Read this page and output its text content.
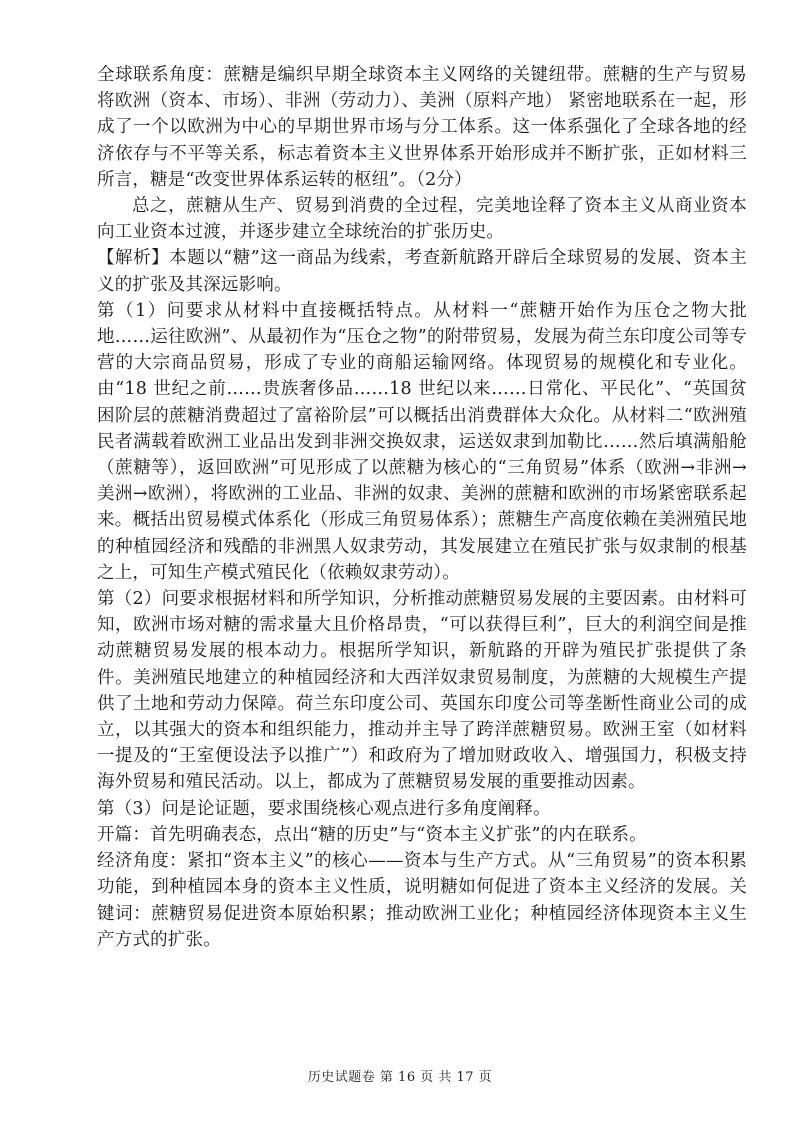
全球联系角度：蔗糖是编织早期全球资本主义网络的关键纽带。蔗糖的生产与贸易将欧洲（资本、市场）、非洲（劳动力）、美洲（原料产地） 紧密地联系在一起，形成了一个以欧洲为中心的早期世界市场与分工体系。这一体系强化了全球各地的经济依存与不平等关系，标志着资本主义世界体系开始形成并不断扩张，正如材料三所言，糖是“改变世界体系运转的枢纽”。（2分）

总之，蔗糖从生产、贸易到消费的全过程，完美地诠释了资本主义从商业资本向工业资本过渡，并逐步建立全球统治的扩张历史。

【解析】本题以“糖”这一商品为线索，考查新航路开辟后全球贸易的发展、资本主义的扩张及其深远影响。

第（1）问要求从材料中直接概括特点。从材料一“蔗糖开始作为压仓之物大批地……运往欧洲”、从最初作为“压仓之物”的附带贸易，发展为荷兰东印度公司等专营的大宗商品贸易，形成了专业的商船运输网络。体现贸易的规模化和专业化。由“18 世纪之前……贵族奢侈品……18 世纪以来……日常化、平民化”、“英国贫困阶层的蔗糖消费超过了富裕阶层”可以概括出消费群体大众化。从材料二“欧洲殖民者满载着欧洲工业品出发到非洲交换奴隶，运送奴隶到加勒比……然后填满船舱（蔗糖等），返回欧洲”可见形成了以蔗糖为核心的“三角贸易”体系（欧洲→非洲→美洲→欧洲），将欧洲的工业品、非洲的奴隶、美洲的蔗糖和欧洲的市场紧密联系起来。概括出贸易模式体系化（形成三角贸易体系）；蔗糖生产高度依赖在美洲殖民地的种植园经济和残酷的非洲黑人奴隶劳动，其发展建立在殖民扩张与奴隶制的根基之上，可知生产模式殖民化（依赖奴隶劳动）。

第（2）问要求根据材料和所学知识，分析推动蔗糖贸易发展的主要因素。由材料可知，欧洲市场对糖的需求量大且价格昂贵，“可以获得巨利”，巨大的利润空间是推动蔗糖贸易发展的根本动力。根据所学知识，新航路的开辟为殖民扩张提供了条件。美洲殖民地建立的种植园经济和大西洋奴隶贸易制度，为蔗糖的大规模生产提供了土地和劳动力保障。荷兰东印度公司、英国东印度公司等垄断性商业公司的成立，以其强大的资本和组织能力，推动并主导了跨洋蔗糖贸易。欧洲王室（如材料一提及的“王室便设法予以推广”）和政府为了增加财政收入、增强国力，积极支持海外贸易和殖民活动。以上，都成为了蔗糖贸易发展的重要推动因素。

第（3）问是论证题，要求围绕核心观点进行多角度阐释。

开篇：首先明确表态，点出“糖的历史”与“资本主义扩张”的内在联系。

经济角度：紧扣“资本主义”的核心——资本与生产方式。从“三角贸易”的资本积累功能，到种植园本身的资本主义性质，说明糖如何促进了资本主义经济的发展。关键词：蔗糖贸易促进资本原始积累；推动欧洲工业化；种植园经济体现资本主义生产方式的扩张。

历史试题卷 第 16 页 共 17 页
